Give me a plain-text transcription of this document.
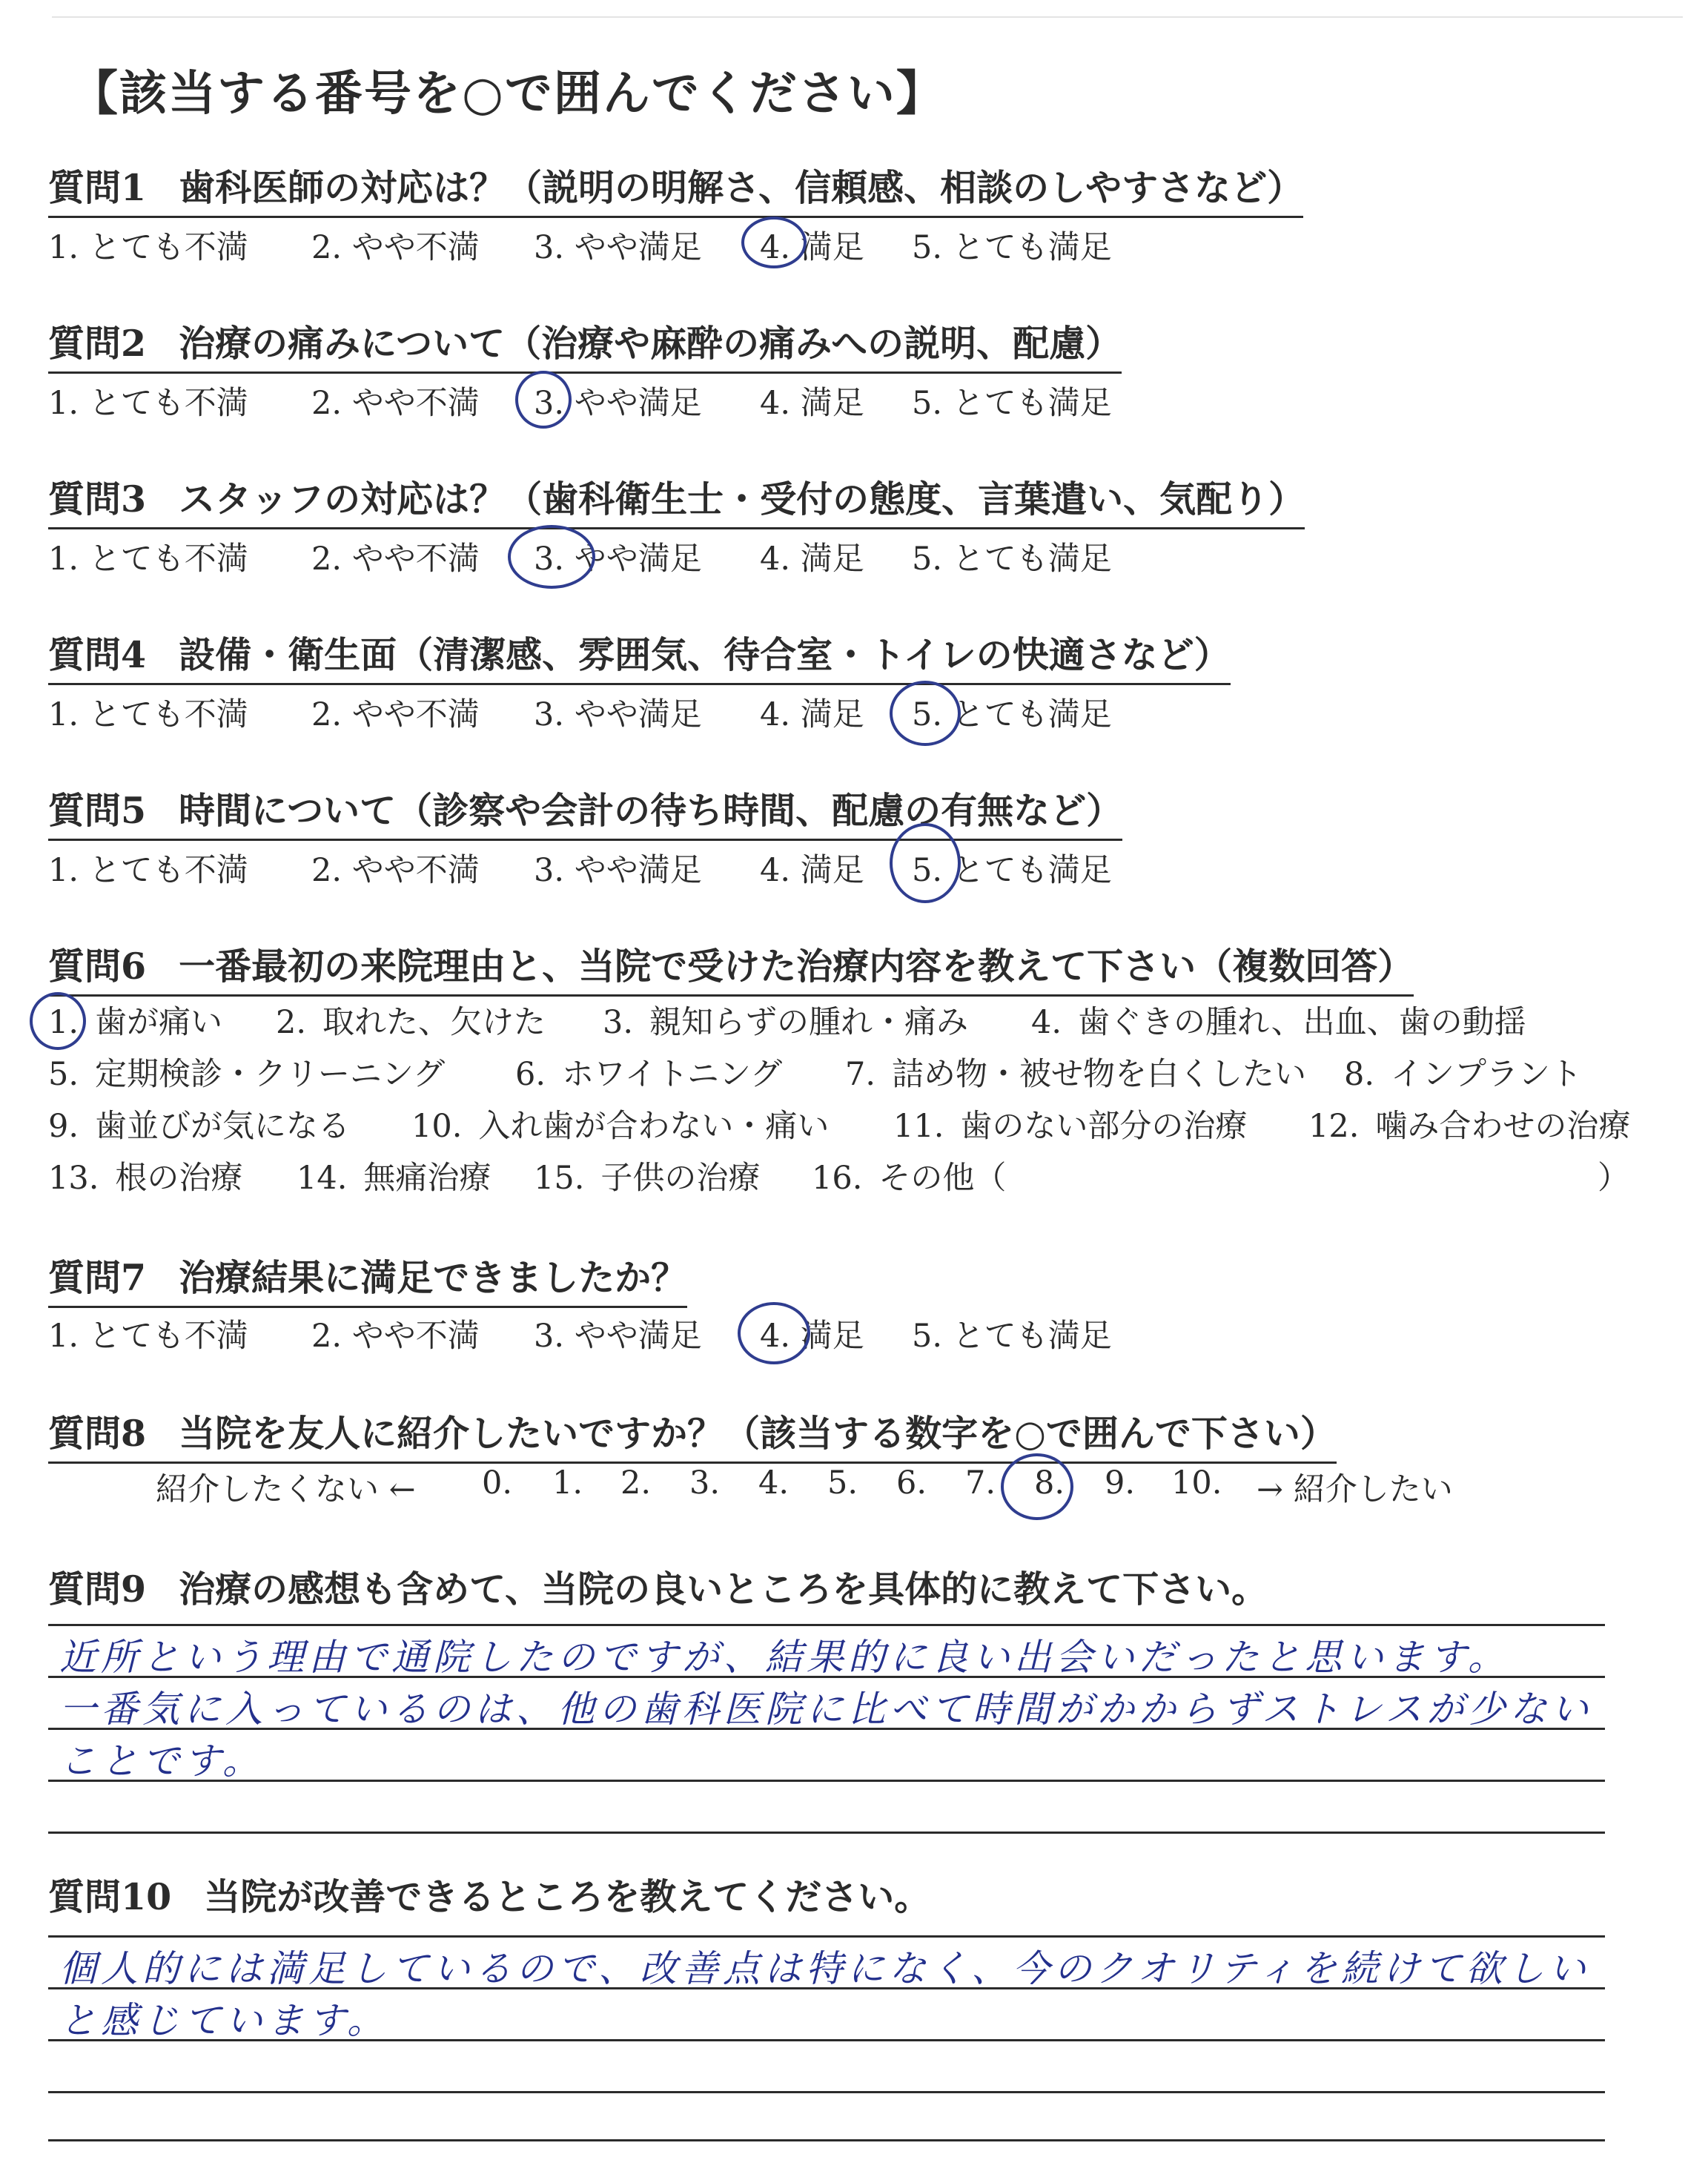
【該当する番号を○で囲んでください】
質問1 歯科医師の対応は？（説明の明解さ、信頼感、相談のしやすさなど）
1. とても不満 2. やや不満 3. やや満足 4. 満足 5. とても満足
質問2 治療の痛みについて（治療や麻酔の痛みへの説明、配慮）
1. とても不満 2. やや不満 3. やや満足 4. 満足 5. とても満足
質問3 スタッフの対応は？（歯科衛生士・受付の態度、言葉遣い、気配り）
1. とても不満 2. やや不満 3. やや満足 4. 満足 5. とても満足
質問4 設備・衛生面（清潔感、雰囲気、待合室・トイレの快適さなど）
1. とても不満 2. やや不満 3. やや満足 4. 満足 5. とても満足
質問5 時間について（診察や会計の待ち時間、配慮の有無など）
1. とても不満 2. やや不満 3. やや満足 4. 満足 5. とても満足
質問6 一番最初の来院理由と、当院で受けた治療内容を教えて下さい（複数回答）
1. 歯が痛い 2. 取れた、欠けた 3. 親知らずの腫れ・痛み 4. 歯ぐきの腫れ、出血、歯の動揺
5. 定期検診・クリーニング 6. ホワイトニング 7. 詰め物・被せ物を白くしたい 8. インプラント
9. 歯並びが気になる 10. 入れ歯が合わない・痛い 11. 歯のない部分の治療 12. 噛み合わせの治療
13. 根の治療 14. 無痛治療 15. 子供の治療 16. その他（	）
質問7 治療結果に満足できましたか？
1. とても不満 2. やや不満 3. やや満足 4. 満足 5. とても満足
質問8 当院を友人に紹介したいですか？（該当する数字を○で囲んで下さい）
紹介したくない ← 0. 1. 2. 3. 4. 5. 6. 7. 8. 9. 10. → 紹介したい
質問9 治療の感想も含めて、当院の良いところを具体的に教えて下さい。
近所という理由で通院したのですが、結果的に良い出会いだったと思います。
一番気に入っているのは、他の歯科医院に比べて時間がかからずストレスが少ない
ことです。
質問10 当院が改善できるところを教えてください。
個人的には満足しているので、改善点は特になく、今のクオリティを続けて欲しい
と感じています。
